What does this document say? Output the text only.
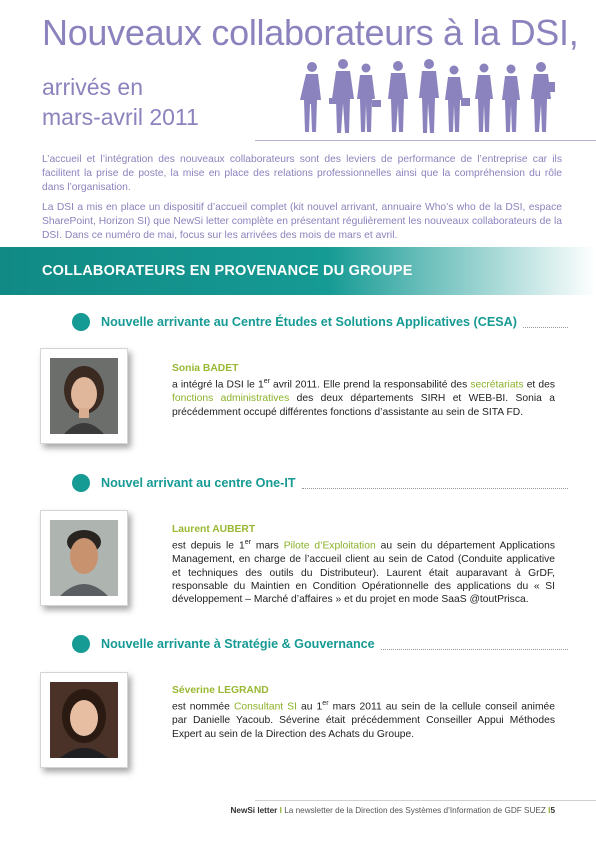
Nouveaux collaborateurs à la DSI,
arrivés en
mars-avril 2011

L’accueil et l’intégration des nouveaux collaborateurs sont des leviers de performance de l’entreprise car ils facilitent la prise de poste, la mise en place des relations professionnelles ainsi que la compréhension du rôle dans l’organisation.

La DSI a mis en place un dispositif d’accueil complet (kit nouvel arrivant, annuaire Who’s who de la DSI, espace SharePoint, Horizon SI) que NewSi letter complète en présentant régulièrement les nouveaux collaborateurs de la DSI. Dans ce numéro de mai, focus sur les arrivées des mois de mars et avril.

COLLABORATEURS EN PROVENANCE DU GROUPE
Nouvelle arrivante au Centre Études et Solutions Applicatives (CESA)
Sonia BADET
a intégré la DSI le 1er avril 2011. Elle prend la responsabilité des secrétariats et des fonctions administratives des deux départements SIRH et WEB-BI. Sonia a précédemment occupé différentes fonctions d’assistante au sein de SITA FD.
Nouvel arrivant au centre One-IT
Laurent AUBERT
est depuis le 1er mars Pilote d’Exploitation au sein du département Applications Management, en charge de l’accueil client au sein de Catod (Conduite applicative et techniques des outils du Distributeur). Laurent était auparavant à GrDF, responsable du Maintien en Condition Opérationnelle des applications du « SI développement – Marché d’affaires » et du projet en mode SaaS @toutPrisca.
Nouvelle arrivante à Stratégie & Gouvernance
Séverine LEGRAND
est nommée Consultant SI au 1er mars 2011 au sein de la cellule conseil animée par Danielle Yacoub. Séverine était précédemment Conseiller Appui Méthodes Expert au sein de la Direction des Achats du Groupe.
NewSi letter I La newsletter de la Direction des Systèmes d’Information de GDF SUEZ I5
